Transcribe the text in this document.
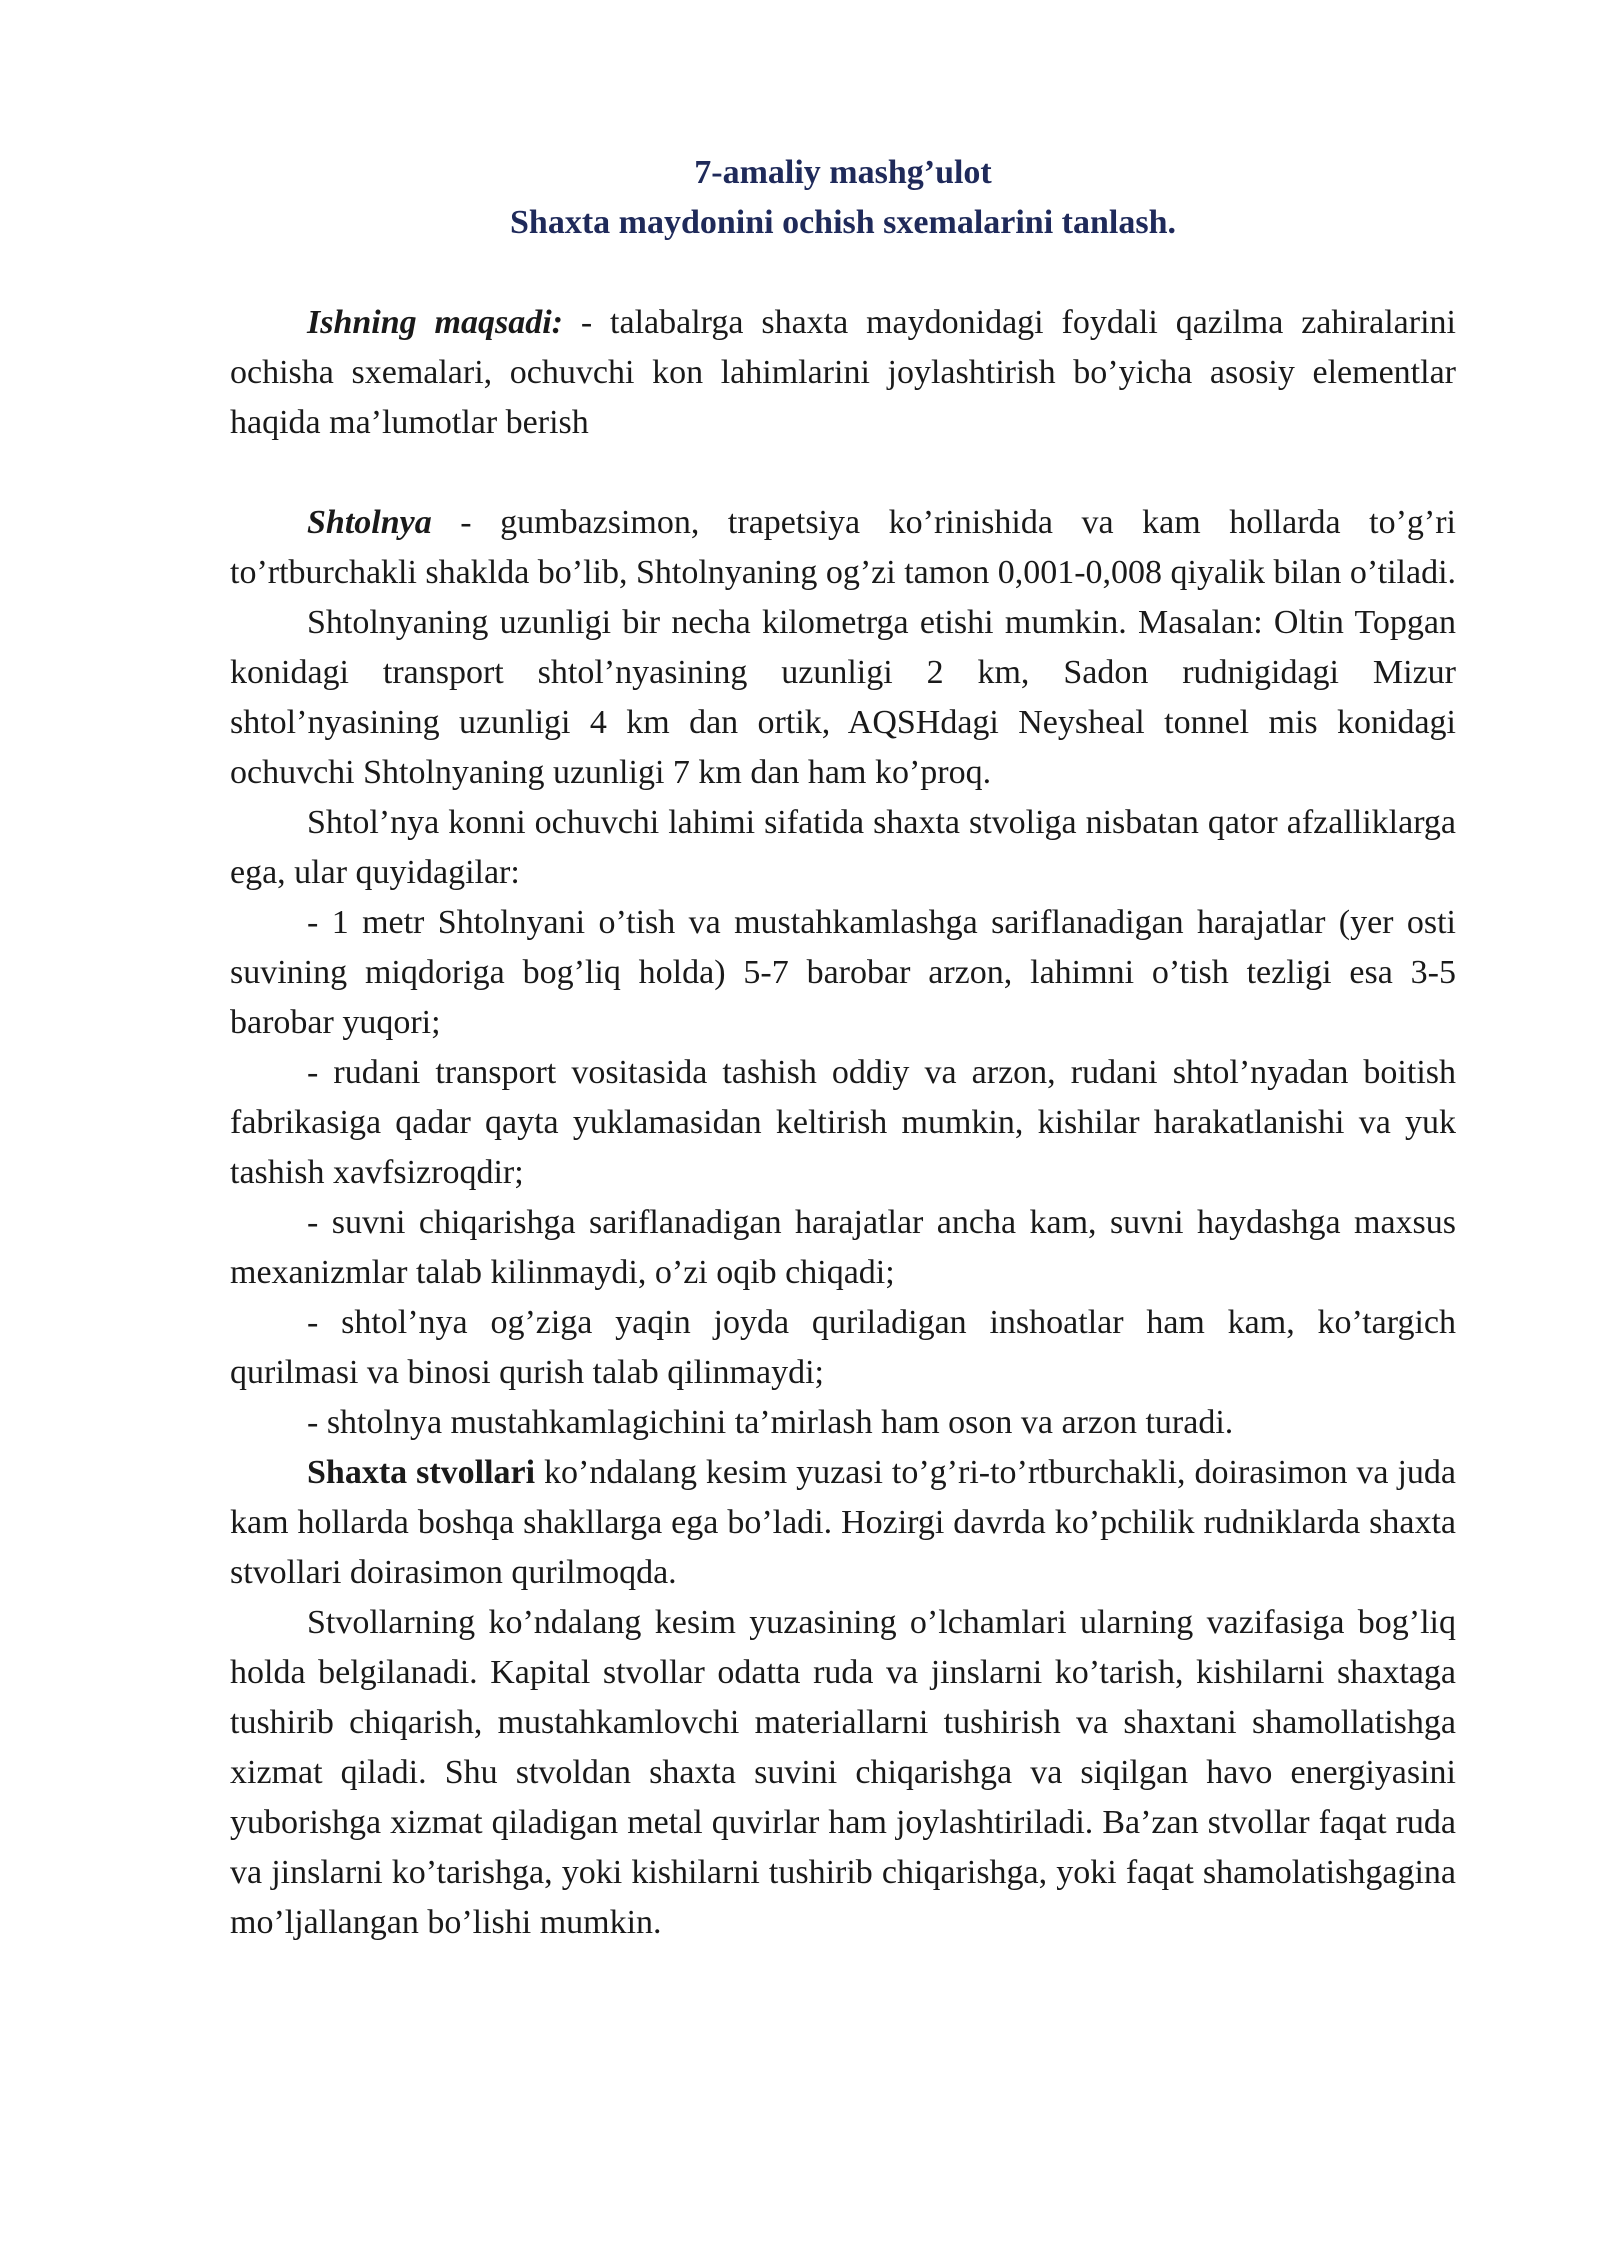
7-amaliy mashg’ulot
Shaxta maydonini ochish sxemalarini tanlash.

Ishning maqsadi: - talabalrga shaxta maydonidagi foydali qazilma zahiralarini ochisha sxemalari, ochuvchi kon lahimlarini joylashtirish bo’yicha asosiy elementlar haqida ma’lumotlar berish

Shtolnya - gumbazsimon, trapetsiya ko’rinishida va kam hollarda to’g’ri to’rtburchakli shaklda bo’lib, Shtolnyaning og’zi tamon 0,001-0,008 qiyalik bilan o’tiladi.

Shtolnyaning uzunligi bir necha kilometrga etishi mumkin. Masalan: Oltin Topgan konidagi transport shtol’nyasining uzunligi 2 km, Sadon rudnigidagi Mizur shtol’nyasining uzunligi 4 km dan ortik, AQSHdagi Neysheal tonnel mis konidagi ochuvchi Shtolnyaning uzunligi 7 km dan ham ko’proq.

Shtol’nya konni ochuvchi lahimi sifatida shaxta stvoliga nisbatan qator afzalliklarga ega, ular quyidagilar:

- 1 metr Shtolnyani o’tish va mustahkamlashga sariflanadigan harajatlar (yer osti suvining miqdoriga bog’liq holda) 5-7 barobar arzon, lahimni o’tish tezligi esa 3-5 barobar yuqori;

- rudani transport vositasida tashish oddiy va arzon, rudani shtol’nyadan boitish fabrikasiga qadar qayta yuklamasidan keltirish mumkin, kishilar harakatlanishi va yuk tashish xavfsizroqdir;

- suvni chiqarishga sariflanadigan harajatlar ancha kam, suvni haydashga maxsus mexanizmlar talab kilinmaydi, o’zi oqib chiqadi;

- shtol’nya og’ziga yaqin joyda quriladigan inshoatlar ham kam, ko’targich qurilmasi va binosi qurish talab qilinmaydi;

- shtolnya mustahkamlagichini ta’mirlash ham oson va arzon turadi.

Shaxta stvollari ko’ndalang kesim yuzasi to’g’ri-to’rtburchakli, doirasimon va juda kam hollarda boshqa shakllarga ega bo’ladi. Hozirgi davrda ko’pchilik rudniklarda shaxta stvollari doirasimon qurilmoqda.

Stvollarning ko’ndalang kesim yuzasining o’lchamlari ularning vazifasiga bog’liq holda belgilanadi. Kapital stvollar odatta ruda va jinslarni ko’tarish, kishilarni shaxtaga tushirib chiqarish, mustahkamlovchi materiallarni tushirish va shaxtani shamollatishga xizmat qiladi. Shu stvoldan shaxta suvini chiqarishga va siqilgan havo energiyasini yuborishga xizmat qiladigan metal quvirlar ham joylashtiriladi. Ba’zan stvollar faqat ruda va jinslarni ko’tarishga, yoki kishilarni tushirib chiqarishga, yoki faqat shamolatishgagina mo’ljallangan bo’lishi mumkin.
